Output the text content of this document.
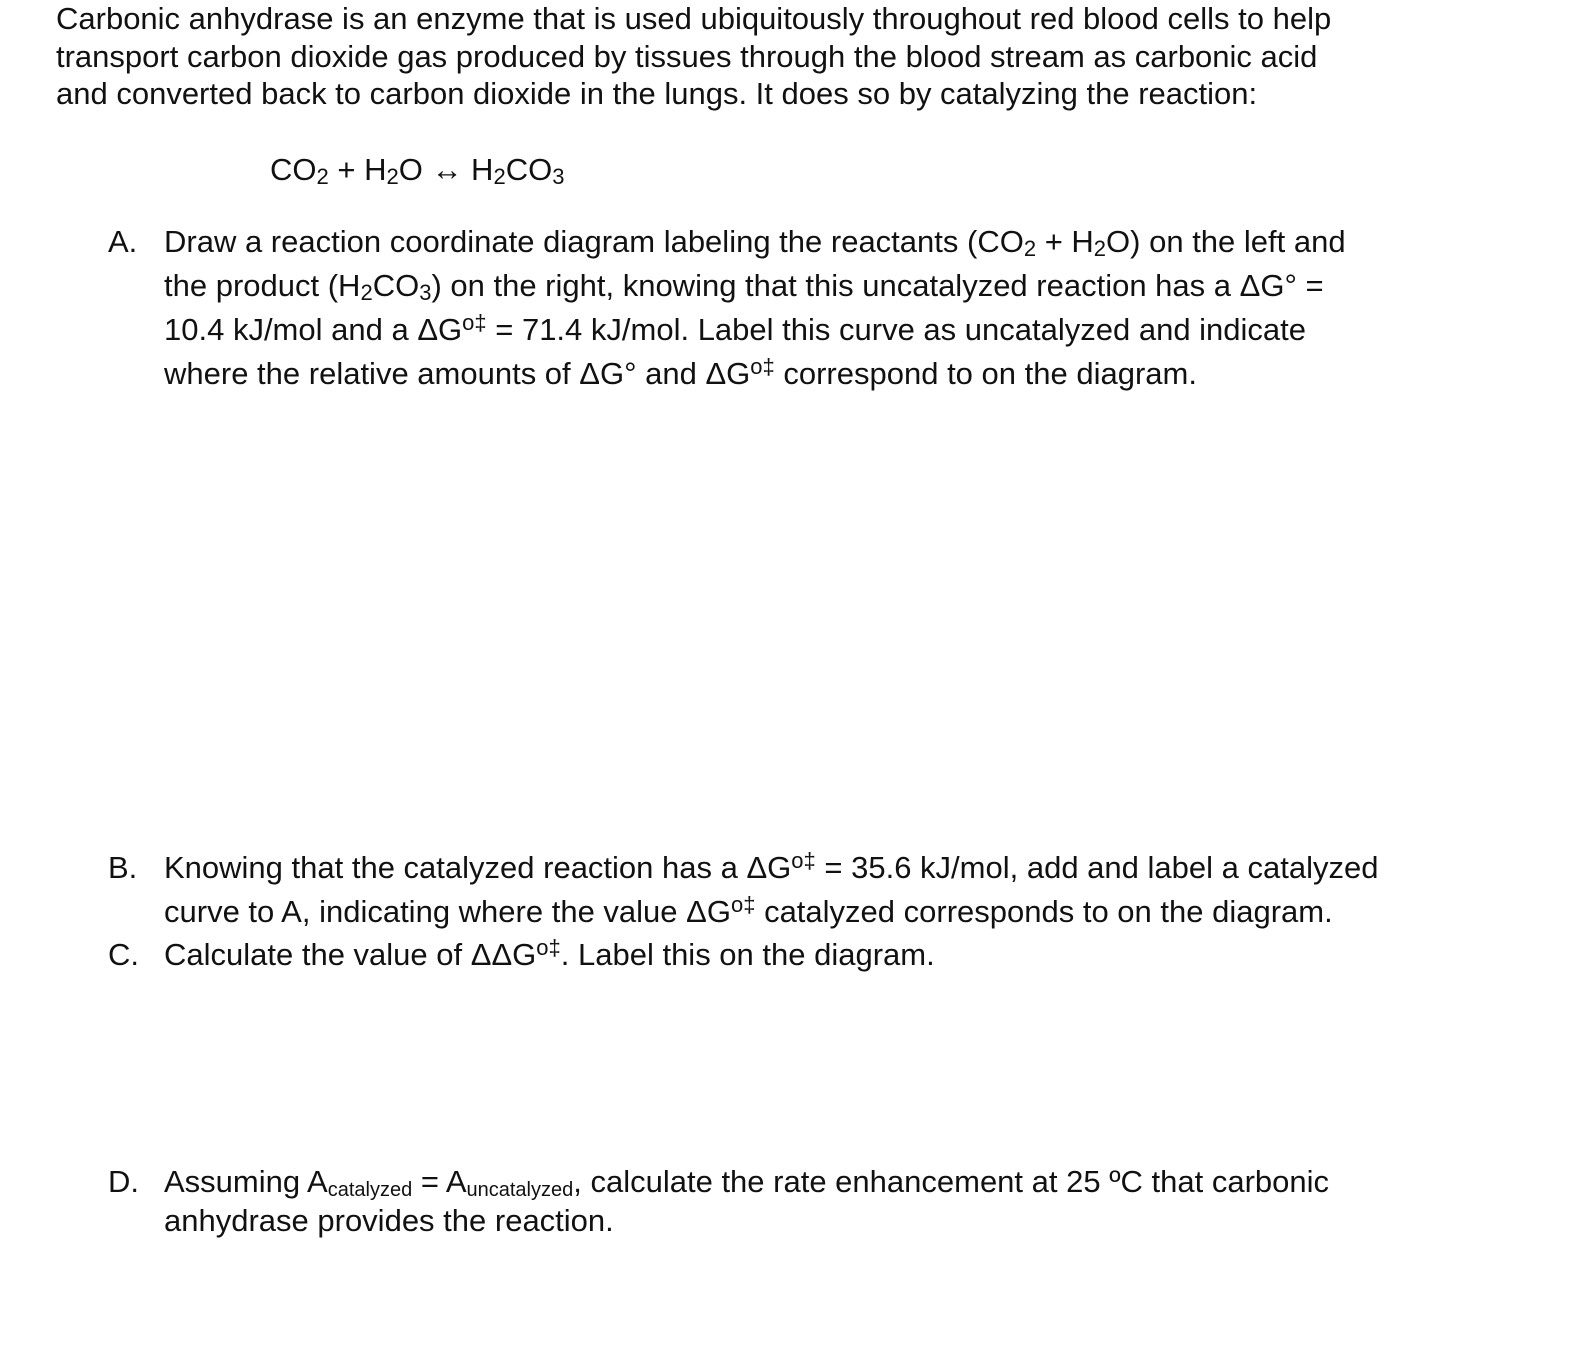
Carbonic anhydrase is an enzyme that is used ubiquitously throughout red blood cells to help

transport carbon dioxide gas produced by tissues through the blood stream as carbonic acid

and converted back to carbon dioxide in the lungs. It does so by catalyzing the reaction:

$CO_2 + H_2O$ ↔ $H_2CO_3$
A. Draw a reaction coordinate diagram labeling the reactants $(CO_2 + H_2O)$ on the left and
the product $(H_2CO_3)$ on the right, knowing that this uncatalyzed reaction has a ΔG° =
10.4 kJ/mol and a $\Delta G^{o\ddagger} = 71.4$ kJ/mol. Label this curve as uncatalyzed and indicate
where the relative amounts of ΔG° and $\Delta G^{o\ddagger}$ correspond to on the diagram.
B. Knowing that the catalyzed reaction has a $\Delta G^{o\ddagger} = 35.6$ kJ/mol, add and label a catalyzed
curve to A, indicating where the value $\Delta G^{o\ddagger}$ catalyzed corresponds to on the diagram.
C. Calculate the value of $\Delta\Delta G^{o\ddagger}$. Label this on the diagram.
D. Assuming Acatalyzed = Auncatalyzed, calculate the rate enhancement at 25 ºC that carbonic
anhydrase provides the reaction.
